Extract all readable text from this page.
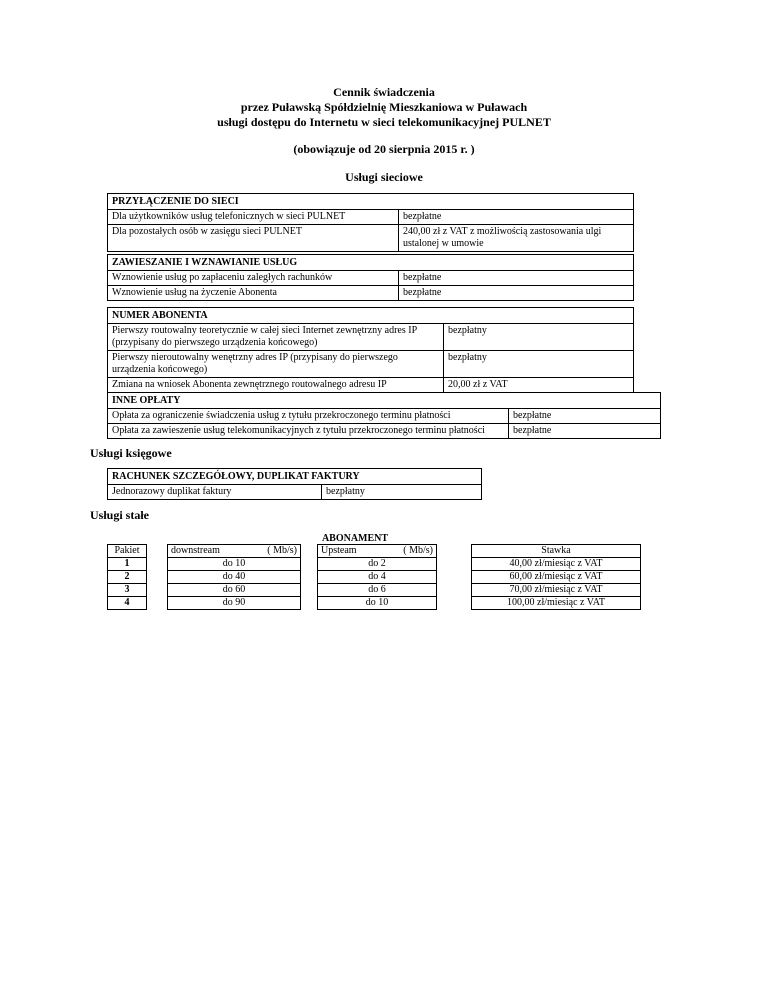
Cennik świadczenia
przez Puławską Spółdzielnię Mieszkaniowa w Puławach
usługi dostępu do Internetu w sieci telekomunikacyjnej PULNET
(obowiązuje od 20 sierpnia 2015 r. )
Usługi sieciowe
PRZYŁĄCZENIE DO SIECI	
Dla użytkowników usług telefonicznych w sieci PULNET	bezpłatne
Dla pozostałych osób w zasięgu sieci PULNET	240,00 zł z VAT z możliwością zastosowania ulgi ustalonej w umowie
ZAWIESZANIE I WZNAWIANIE USŁUG	
Wznowienie usług po zapłaceniu zaległych rachunków	bezpłatne
Wznowienie usług na życzenie Abonenta	bezpłatne
NUMER ABONENTA	
Pierwszy routowalny teoretycznie w całej sieci Internet zewnętrzny adres IP (przypisany do pierwszego urządzenia końcowego)	bezpłatny
Pierwszy nieroutowalny wenętrzny adres IP (przypisany do pierwszego urządzenia końcowego)	bezpłatny
Zmiana na wniosek Abonenta zewnętrznego routowalnego adresu IP	20,00 zł z VAT
INNE OPŁATY	
Opłata za ograniczenie świadczenia usług z tytułu przekroczonego terminu płatności	bezpłatne
Opłata za zawieszenie usług telekomunikacyjnych z tytułu przekroczonego terminu płatności	bezpłatne
Usługi księgowe
RACHUNEK SZCZEGÓŁOWY, DUPLIKAT FAKTURY
Jednorazowy duplikat faktury	bezpłatny
Usługi stałe
ABONAMENT
Pakiet		downstream ( Mb/s)		Upsteam ( Mb/s)		Stawka
1		do 10		do 2		40,00 zł/miesiąc z VAT
2		do 40		do 4		60,00 zł/miesiąc z VAT
3		do 60		do 6		70,00 zł/miesiąc z VAT
4		do 90		do 10		100,00 zł/miesiąc z VAT
